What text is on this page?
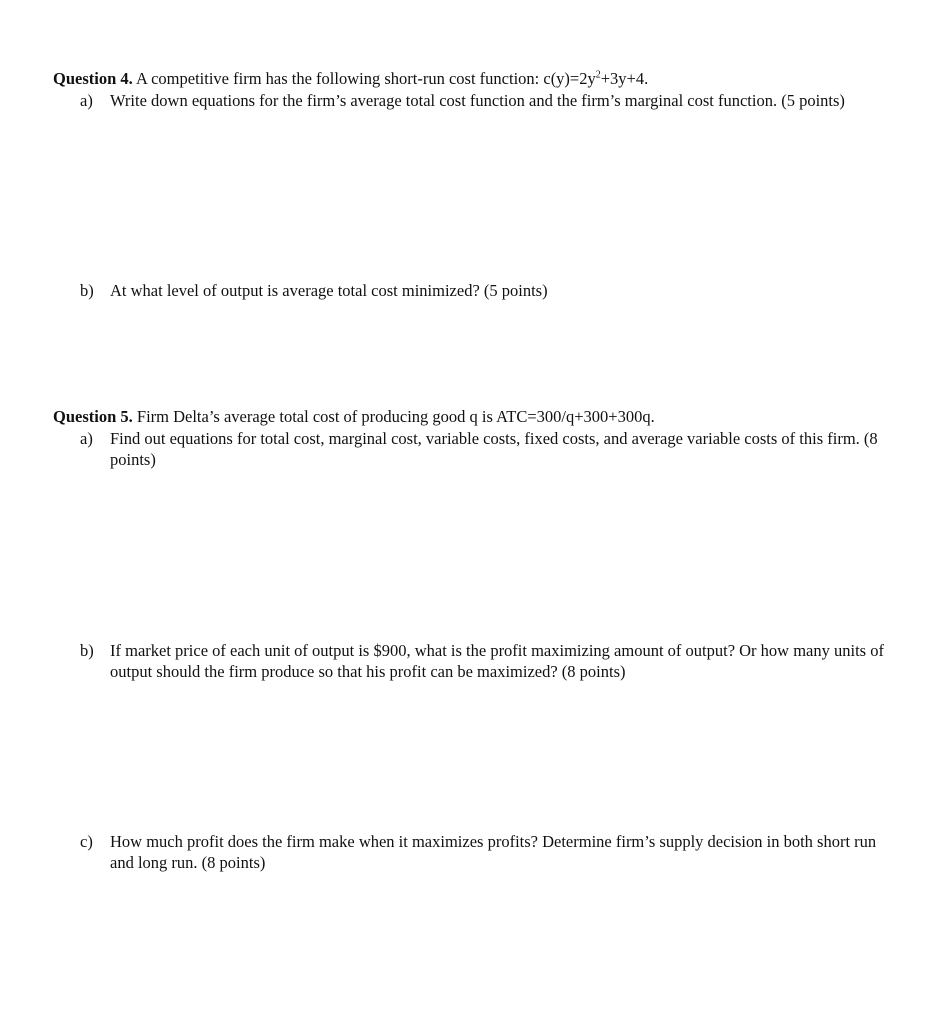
Question 4. A competitive firm has the following short-run cost function: $c(y)=2y^2+3y+4$.

a)	Write down equations for the firm’s average total cost function and the firm’s marginal cost function. (5 points)
b) At what level of output is average total cost minimized? (5 points)

Question 5. Firm Delta’s average total cost of producing good q is ATC=300/q+300+300q.

a)	Find out equations for total cost, marginal cost, variable costs, fixed costs, and average variable costs of this firm. (8 points)
b) If market price of each unit of output is $900, what is the profit maximizing amount of output? Or how many units of output should the firm produce so that his profit can be maximized? (8 points)
c)	How much profit does the firm make when it maximizes profits? Determine firm’s supply decision in both short run and long run. (8 points)
